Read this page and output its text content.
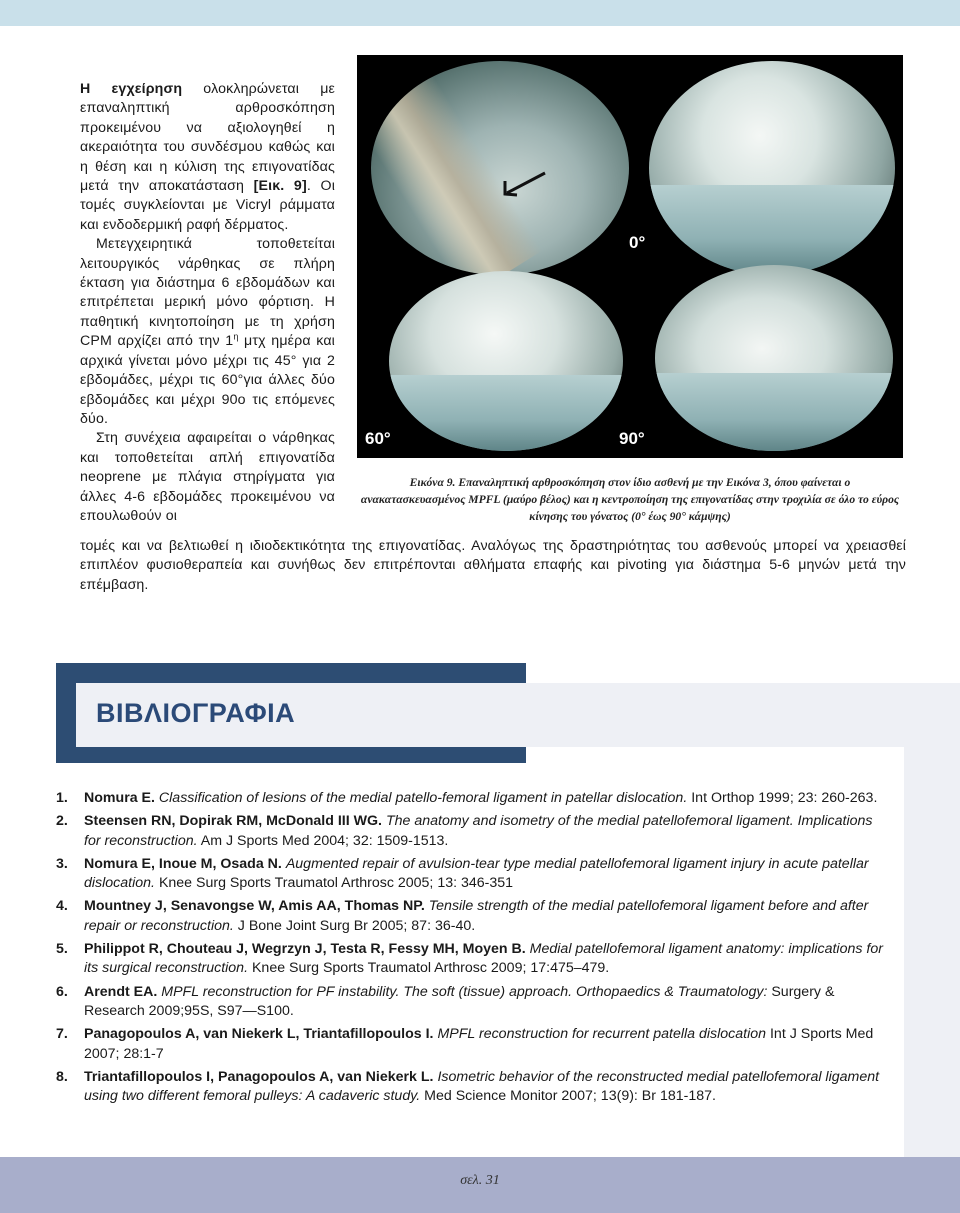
Η εγχείρηση ολοκληρώνεται με επαναληπτική αρθροσκόπηση προκειμένου να αξιολογηθεί η ακεραιότητα του συνδέσμου καθώς και η θέση και η κύλιση της επιγονατίδας μετά την αποκατάσταση [Εικ. 9]. Οι τομές συγκλείονται με Vicryl ράμματα και ενδοδερμική ραφή δέρματος.

Μετεγχειρητικά τοποθετείται λειτουργικός νάρθηκας σε πλήρη έκταση για διάστημα 6 εβδομάδων και επιτρέπεται μερική μόνο φόρτιση. Η παθητική κινητοποίηση με τη χρήση CPM αρχίζει από την $1^\eta$ μτχ ημέρα και αρχικά γίνεται μόνο μέχρι τις 45° για 2 εβδομάδες, μέχρι τις 60°για άλλες δύο εβδομάδες και μέχρι 90ο τις επόμενες δύο.

Στη συνέχεια αφαιρείται ο νάρθηκας και τοποθετείται απλή επιγονατίδα neoprene με πλάγια στηρίγματα για άλλες 4-6 εβδομάδες προκειμένου να επουλωθούν οι

τομές και να βελτιωθεί η ιδιοδεκτικότητα της επιγονατίδας. Αναλόγως της δραστηριότητας του ασθενούς μπορεί να χρειασθεί επιπλέον φυσιοθεραπεία και συνήθως δεν επιτρέπονται αθλήματα επαφής και pivoting για διάστημα 5-6 μηνών μετά την επέμβαση.

0°
60°	90°
Εικόνα 9. Επαναληπτική αρθροσκόπηση στον ίδιο ασθενή με την Εικόνα 3, όπου φαίνεται ο ανακατασκευασμένος MPFL (μαύρο βέλος) και η κεντροποίηση της επιγονατίδας στην τροχιλία σε όλο το εύρος κίνησης του γόνατος (0° έως 90° κάμψης)
ΒΙΒΛΙΟΓΡΑΦΙΑ
1. Nomura E. Classification of lesions of the medial patello-femoral ligament in patellar dislocation. Int Orthop 1999; 23: 260-263.
2. Steensen RN, Dopirak RM, McDonald III WG. The anatomy and isometry of the medial patellofemoral ligament. Implications for reconstruction. Am J Sports Med 2004; 32: 1509-1513.
3. Nomura E, Inoue M, Osada N. Augmented repair of avulsion-tear type medial patellofemoral ligament injury in acute patellar dislocation. Knee Surg Sports Traumatol Arthrosc 2005; 13: 346-351
4. Mountney J, Senavongse W, Amis AA, Thomas NP. Tensile strength of the medial patellofemoral ligament before and after repair or reconstruction. J Bone Joint Surg Br 2005; 87: 36-40.
5. Philippot R, Chouteau J, Wegrzyn J, Testa R, Fessy MH, Moyen B. Medial patellofemoral ligament anatomy: implications for its surgical reconstruction. Knee Surg Sports Traumatol Arthrosc 2009; 17:475–479.
6. Arendt EA. MPFL reconstruction for PF instability. The soft (tissue) approach. Orthopaedics & Traumatology: Surgery & Research 2009;95S, S97—S100.
7. Panagopoulos A, van Niekerk L, Triantafillopoulos I. MPFL reconstruction for recurrent patella dislocation Int J Sports Med 2007; 28:1-7
8. Triantafillopoulos I, Panagopoulos A, van Niekerk L. Isometric behavior of the reconstructed medial patellofemoral ligament using two different femoral pulleys: A cadaveric study. Med Science Monitor 2007; 13(9): Br 181-187.
σελ. 31
